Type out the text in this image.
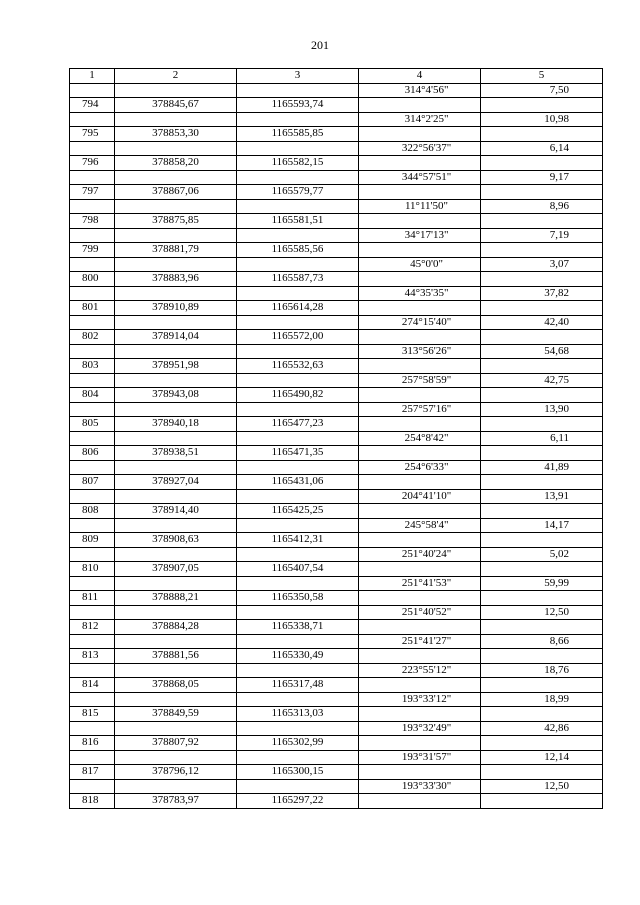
201
1	2	3	4	5
			314°4'56"	7,50
794	378845,67	1165593,74		
			314°2'25"	10,98
795	378853,30	1165585,85		
			322°56'37"	6,14
796	378858,20	1165582,15		
			344°57'51"	9,17
797	378867,06	1165579,77		
			11°11'50"	8,96
798	378875,85	1165581,51		
			34°17'13"	7,19
799	378881,79	1165585,56		
			45°0'0"	3,07
800	378883,96	1165587,73		
			44°35'35"	37,82
801	378910,89	1165614,28		
			274°15'40"	42,40
802	378914,04	1165572,00		
			313°56'26"	54,68
803	378951,98	1165532,63		
			257°58'59"	42,75
804	378943,08	1165490,82		
			257°57'16"	13,90
805	378940,18	1165477,23		
			254°8'42"	6,11
806	378938,51	1165471,35		
			254°6'33"	41,89
807	378927,04	1165431,06		
			204°41'10"	13,91
808	378914,40	1165425,25		
			245°58'4"	14,17
809	378908,63	1165412,31		
			251°40'24"	5,02
810	378907,05	1165407,54		
			251°41'53"	59,99
811	378888,21	1165350,58		
			251°40'52"	12,50
812	378884,28	1165338,71		
			251°41'27"	8,66
813	378881,56	1165330,49		
			223°55'12"	18,76
814	378868,05	1165317,48		
			193°33'12"	18,99
815	378849,59	1165313,03		
			193°32'49"	42,86
816	378807,92	1165302,99		
			193°31'57"	12,14
817	378796,12	1165300,15		
			193°33'30"	12,50
818	378783,97	1165297,22		
